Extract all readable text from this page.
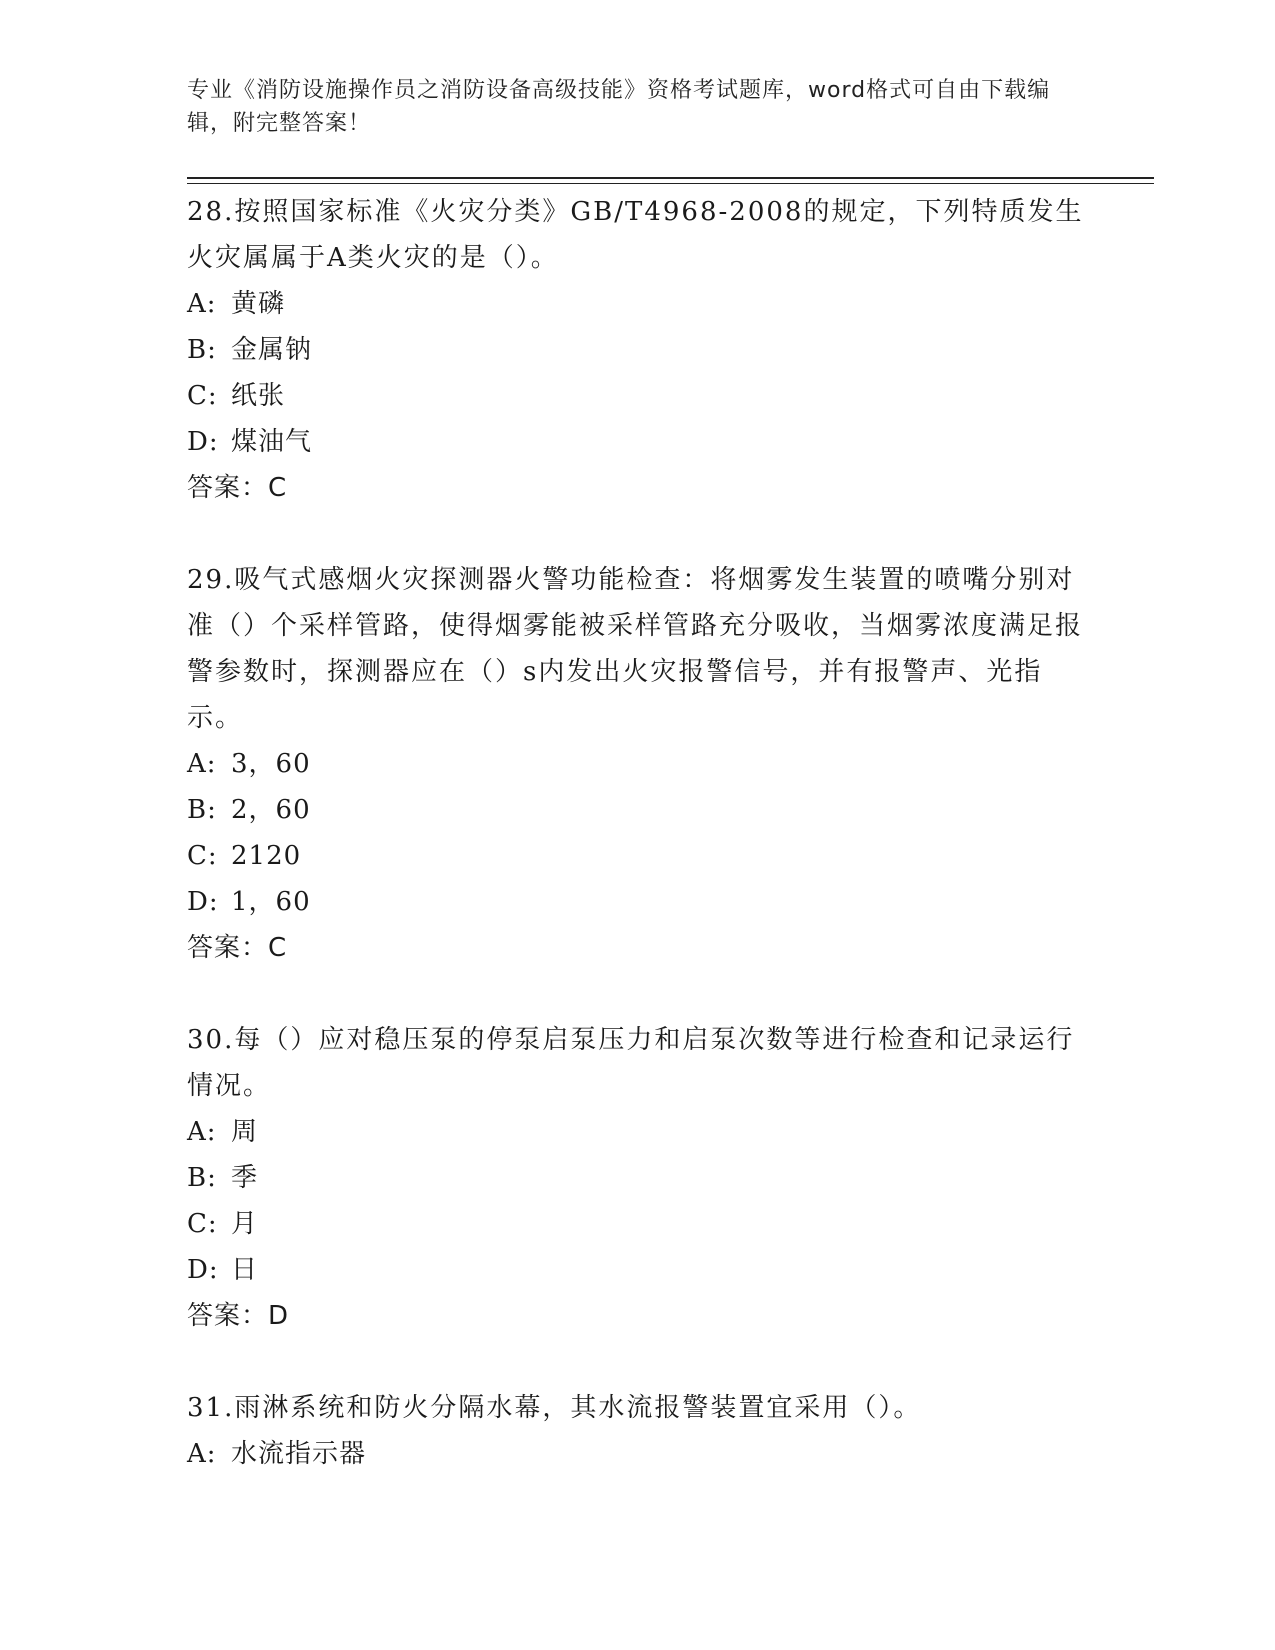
专业《消防设施操作员之消防设备高级技能》资格考试题库，word格式可自由下载编辑，附完整答案！

28.按照国家标准《火灾分类》GB/T4968-2008的规定，下列特质发生火灾属属于A类火灾的是（）。

A: 黄磷

B: 金属钠

C: 纸张

D: 煤油气

答案：C

29.吸气式感烟火灾探测器火警功能检查：将烟雾发生装置的喷嘴分别对准（）个采样管路，使得烟雾能被采样管路充分吸收，当烟雾浓度满足报警参数时，探测器应在（）s内发出火灾报警信号，并有报警声、光指示。

A: 3，60

B: 2，60

C: 2120

D: 1，60

答案：C

30.每（）应对稳压泵的停泵启泵压力和启泵次数等进行检查和记录运行情况。

A: 周

B: 季

C: 月

D: 日

答案：D

31.雨淋系统和防火分隔水幕，其水流报警装置宜采用（）。

A: 水流指示器
